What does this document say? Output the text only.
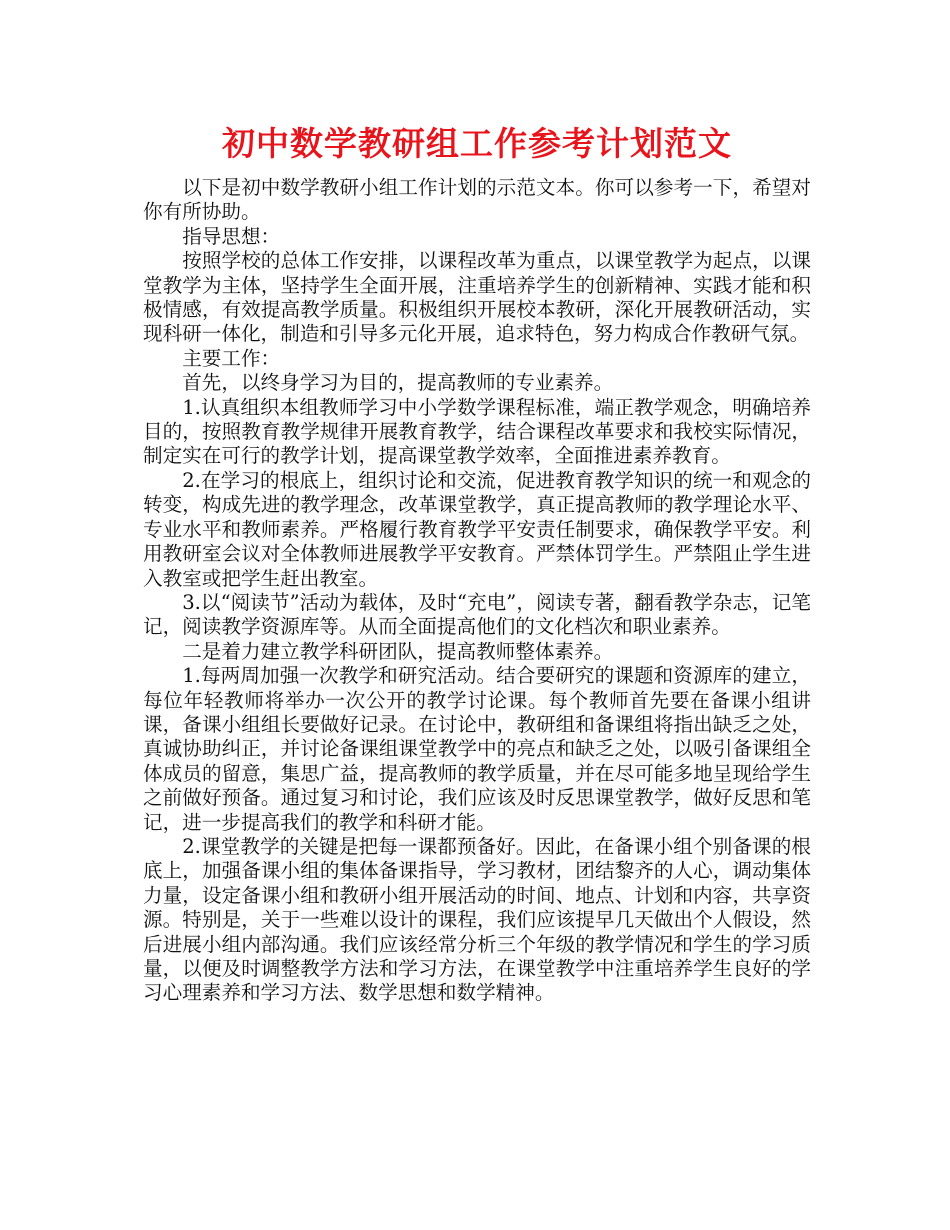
初中数学教研组工作参考计划范文

以下是初中数学教研小组工作计划的示范文本。你可以参考一下，希望对你有所协助。

指导思想：

按照学校的总体工作安排，以课程改革为重点，以课堂教学为起点，以课堂教学为主体，坚持学生全面开展，注重培养学生的创新精神、实践才能和积极情感，有效提高教学质量。积极组织开展校本教研，深化开展教研活动，实现科研一体化，制造和引导多元化开展，追求特色，努力构成合作教研气氛。

主要工作：

首先，以终身学习为目的，提高教师的专业素养。

1.认真组织本组教师学习中小学数学课程标准，端正教学观念，明确培养目的，按照教育教学规律开展教育教学，结合课程改革要求和我校实际情况，制定实在可行的教学计划，提高课堂教学效率，全面推进素养教育。

2.在学习的根底上，组织讨论和交流，促进教育教学知识的统一和观念的转变，构成先进的教学理念，改革课堂教学，真正提高教师的教学理论水平、专业水平和教师素养。严格履行教育教学平安责任制要求，确保教学平安。利用教研室会议对全体教师进展教学平安教育。严禁体罚学生。严禁阻止学生进入教室或把学生赶出教室。

3.以“阅读节”活动为载体，及时“充电”，阅读专著，翻看教学杂志，记笔记，阅读教学资源库等。从而全面提高他们的文化档次和职业素养。

二是着力建立教学科研团队，提高教师整体素养。

1.每两周加强一次教学和研究活动。结合要研究的课题和资源库的建立，每位年轻教师将举办一次公开的教学讨论课。每个教师首先要在备课小组讲课，备课小组组长要做好记录。在讨论中，教研组和备课组将指出缺乏之处，真诚协助纠正，并讨论备课组课堂教学中的亮点和缺乏之处，以吸引备课组全体成员的留意，集思广益，提高教师的教学质量，并在尽可能多地呈现给学生之前做好预备。通过复习和讨论，我们应该及时反思课堂教学，做好反思和笔记，进一步提高我们的教学和科研才能。

2.课堂教学的关键是把每一课都预备好。因此，在备课小组个别备课的根底上，加强备课小组的集体备课指导，学习教材，团结黎齐的人心，调动集体力量，设定备课小组和教研小组开展活动的时间、地点、计划和内容，共享资源。特别是，关于一些难以设计的课程，我们应该提早几天做出个人假设，然后进展小组内部沟通。我们应该经常分析三个年级的教学情况和学生的学习质量，以便及时调整教学方法和学习方法，在课堂教学中注重培养学生良好的学习心理素养和学习方法、数学思想和数学精神。
